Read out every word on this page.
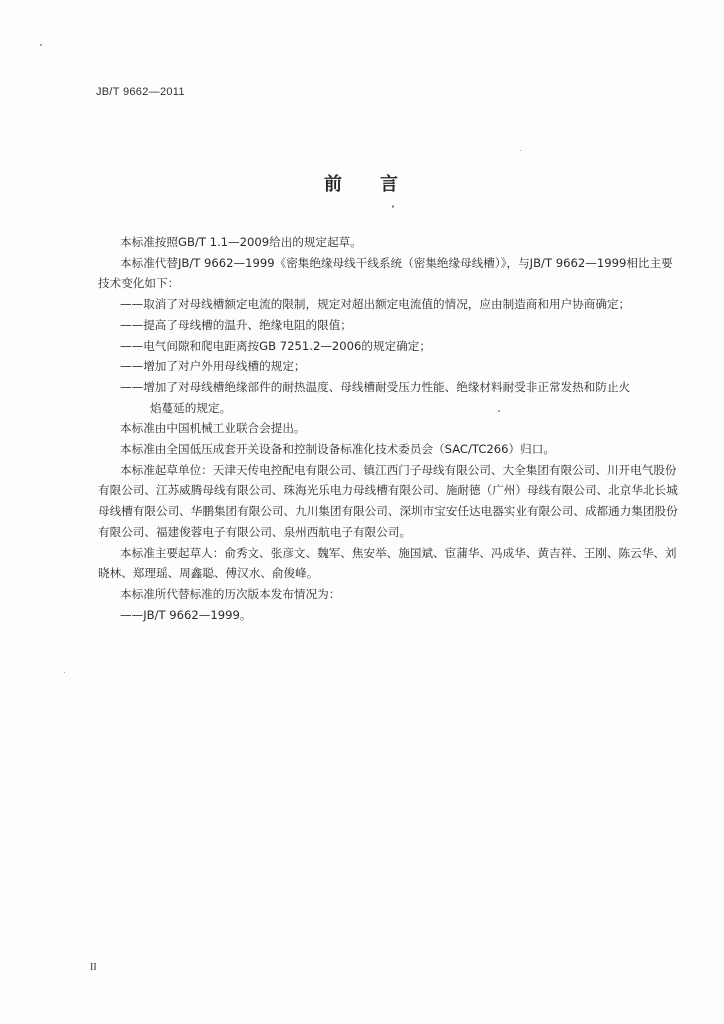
JB/T 9662—2011
前 言

本标准按照GB/T 1.1—2009给出的规定起草。

本标准代替JB/T 9662—1999《密集绝缘母线干线系统（密集绝缘母线槽）》，与JB/T 9662—1999相比主要技术变化如下：

——取消了对母线槽额定电流的限制，规定对超出额定电流值的情况，应由制造商和用户协商确定；

——提高了母线槽的温升、绝缘电阻的限值；

——电气间隙和爬电距离按GB 7251.2—2006的规定确定；

——增加了对户外用母线槽的规定；

——增加了对母线槽绝缘部件的耐热温度、母线槽耐受压力性能、绝缘材料耐受非正常发热和防止火
焰蔓延的规定。

本标准由中国机械工业联合会提出。

本标准由全国低压成套开关设备和控制设备标准化技术委员会（SAC/TC266）归口。

本标准起草单位：天津天传电控配电有限公司、镇江西门子母线有限公司、大全集团有限公司、川开电气股份有限公司、江苏威腾母线有限公司、珠海光乐电力母线槽有限公司、施耐德（广州）母线有限公司、北京华北长城母线槽有限公司、华鹏集团有限公司、九川集团有限公司、深圳市宝安任达电器实业有限公司、成都通力集团股份有限公司、福建俊蓉电子有限公司、泉州西航电子有限公司。

本标准主要起草人：俞秀文、张彦文、魏军、焦安举、施国斌、宦蒲华、冯成华、黄吉祥、王刚、陈云华、刘晓林、郑理瑶、周鑫聪、傅汉水、俞俊峰。

本标准所代替标准的历次版本发布情况为：

——JB/T 9662—1999。

II
